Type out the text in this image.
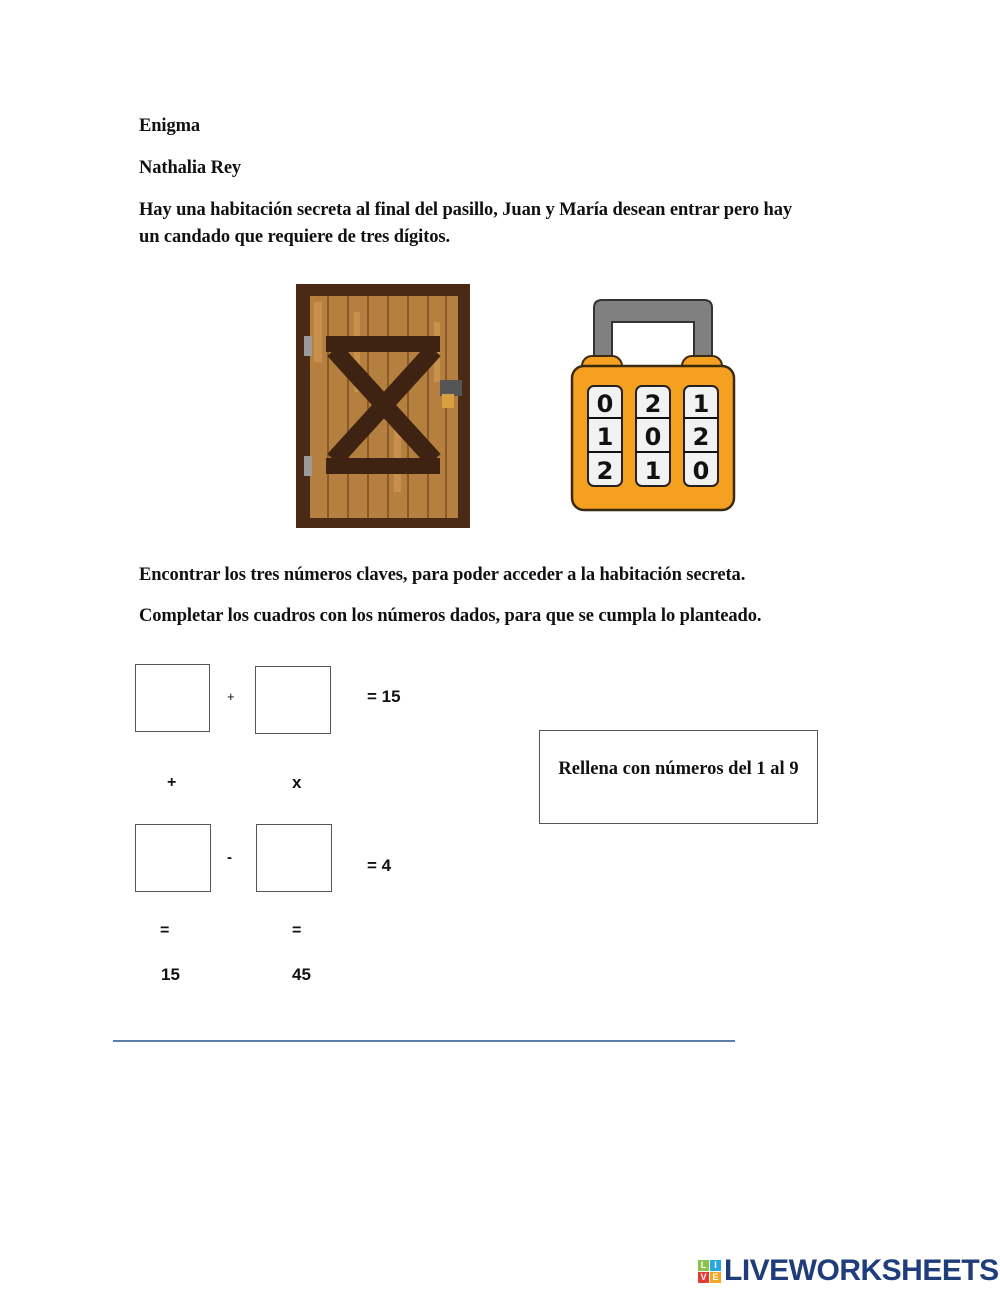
Enigma
Nathalia Rey
Hay una habitación secreta al final del pasillo, Juan y María desean entrar pero hay
un candado que requiere de tres dígitos.
0
1
2
2
0
1
1
2
0
Encontrar los tres números claves, para poder acceder a la habitación secreta.
Completar los cuadros con los números dados, para que se cumpla lo planteado.
+	= 15
+	x
-	= 4
=	=
15	45
Rellena con números del 1 al 9
L I
V E LIVEWORKSHEETS
